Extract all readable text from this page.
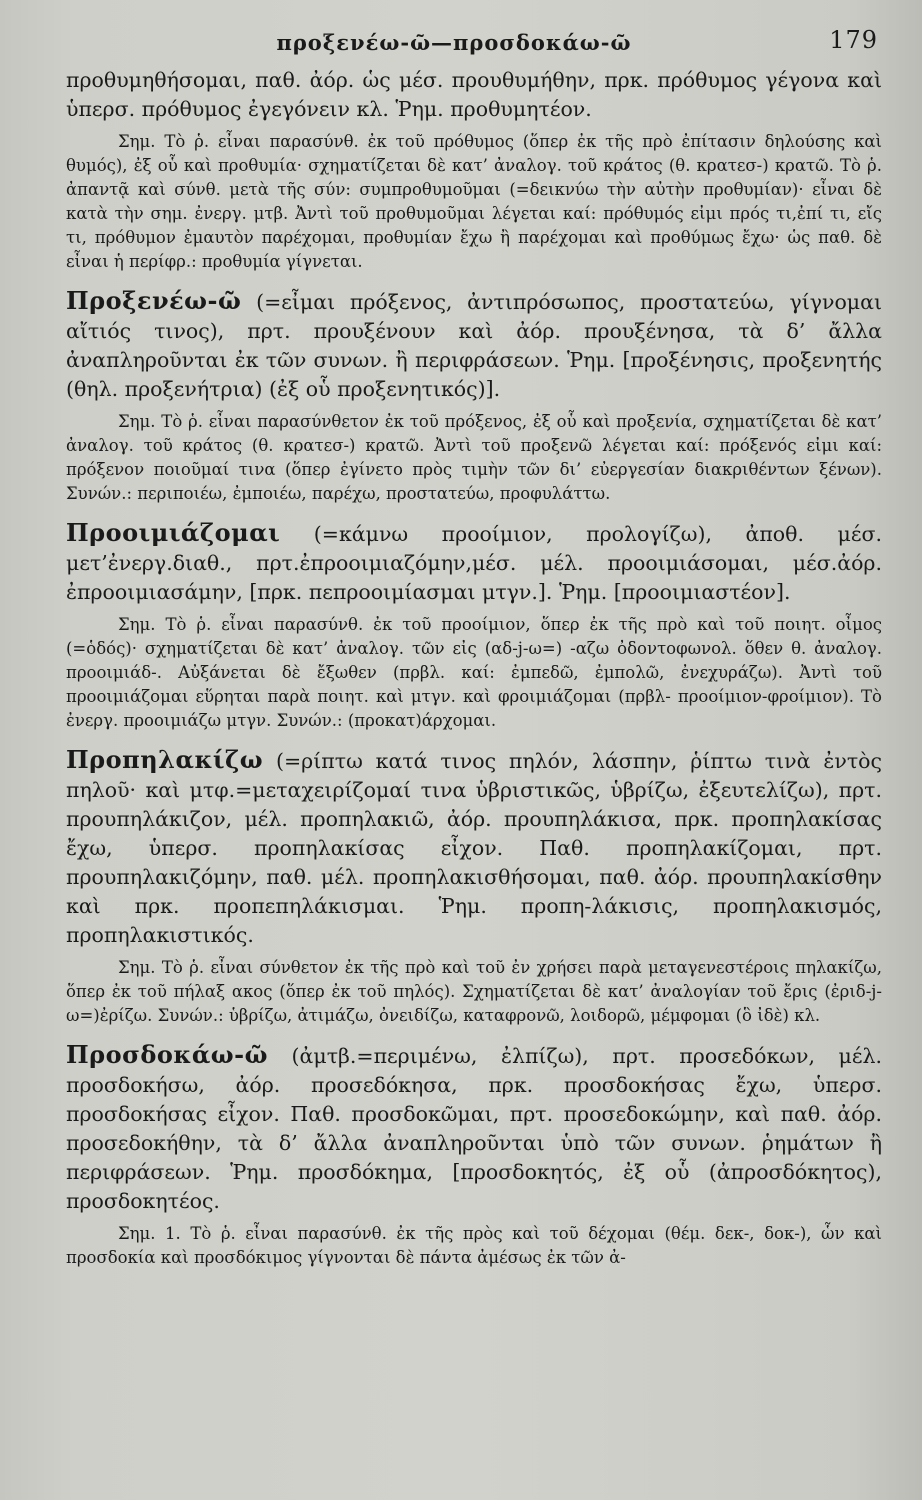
προξενέω-ῶ—προσδοκάω-ῶ	179
προθυμηθήσομαι, παθ. ἀόρ. ὡς μέσ. προυθυμήθην, πρκ. πρόθυμος γέγονα καὶ ὑπερσ. πρόθυμος ἐγεγόνειν κλ. Ῥημ. προθυμητέον.
Σημ. Τὸ ῥ. εἶναι παρασύνθ. ἐκ τοῦ πρόθυμος (ὅπερ ἐκ τῆς πρὸ ἐπίτασιν δηλούσης καὶ θυμός), ἐξ οὗ καὶ προθυμία· σχηματίζεται δὲ κατ’ ἀναλογ. τοῦ κράτος (θ. κρατεσ-) κρατῶ. Τὸ ῥ. ἀπαντᾷ καὶ σύνθ. μετὰ τῆς σύν: συμπροθυμοῦμαι (=δεικνύω τὴν αὐτὴν προθυμίαν)· εἶναι δὲ κατὰ τὴν σημ. ἐνεργ. μτβ. Ἀντὶ τοῦ προθυμοῦμαι λέγεται καί: πρόθυμός εἰμι πρός τι,ἐπί τι, εἴς τι, πρόθυμον ἐμαυτὸν παρέχομαι, προθυμίαν ἔχω ἢ παρέχομαι καὶ προθύμως ἔχω· ὡς παθ. δὲ εἶναι ἡ περίφρ.: προθυμία γίγνεται.
Προξενέω-ῶ (=εἶμαι πρόξενος, ἀντιπρόσωπος, προστατεύω, γίγνομαι αἴτιός τινος), πρτ. προυξένουν καὶ ἀόρ. προυξένησα, τὰ δ’ ἄλλα ἀναπληροῦνται ἐκ τῶν συνων. ἢ περιφράσεων. Ῥημ. [προξένησις, προξενητής (θηλ. προξενήτρια) (ἐξ οὗ προξενητικός)].
Σημ. Τὸ ῥ. εἶναι παρασύνθετον ἐκ τοῦ πρόξενος, ἐξ οὗ καὶ προξενία, σχηματίζεται δὲ κατ’ ἀναλογ. τοῦ κράτος (θ. κρατεσ-) κρατῶ. Ἀντὶ τοῦ προξενῶ λέγεται καί: πρόξενός εἰμι καί: πρόξενον ποιοῦμαί τινα (ὅπερ ἐγίνετο πρὸς τιμὴν τῶν δι’ εὐεργεσίαν διακριθέντων ξένων). Συνών.: περιποιέω, ἐμποιέω, παρέχω, προστατεύω, προφυλάττω.
Προοιμιάζομαι (=κάμνω προοίμιον, προλογίζω), ἀποθ. μέσ. μετ’ἐνεργ.διαθ., πρτ.ἐπροοιμιαζόμην,μέσ. μέλ. προοιμιάσομαι, μέσ.ἀόρ. ἐπροοιμιασάμην, [πρκ. πεπροοιμίασμαι μτγν.]. Ῥημ. [προοιμιαστέον].
Σημ. Τὸ ῥ. εἶναι παρασύνθ. ἐκ τοῦ προοίμιον, ὅπερ ἐκ τῆς πρὸ καὶ τοῦ ποιητ. οἶμος (=ὁδός)· σχηματίζεται δὲ κατ’ ἀναλογ. τῶν εἰς (αδ-j-ω=) -αζω ὀδοντοφωνολ. ὅθεν θ. ἀναλογ. προοιμιάδ-. Αὐξάνεται δὲ ἔξωθεν (πρβλ. καί: ἐμπεδῶ, ἐμπολῶ, ἐνεχυράζω). Ἀντὶ τοῦ προοιμιάζομαι εὕρηται παρὰ ποιητ. καὶ μτγν. καὶ φροιμιάζομαι (πρβλ- προοίμιον-φροίμιον). Τὸ ἐνεργ. προοιμιάζω μτγν. Συνών.: (προκατ)άρχομαι.
Προπηλακίζω (=ρίπτω κατά τινος πηλόν, λάσπην, ῥίπτω τινὰ ἐντὸς πηλοῦ· καὶ μτφ.=μεταχειρίζομαί τινα ὑβριστικῶς, ὑβρίζω, ἐξευτελίζω), πρτ. προυπηλάκιζον, μέλ. προπηλακιῶ, ἀόρ. προυπηλάκισα, πρκ. προπηλακίσας ἔχω, ὑπερσ. προπηλακίσας εἶχον. Παθ. προπηλακίζομαι, πρτ. προυπηλακιζόμην, παθ. μέλ. προπηλακισθήσομαι, παθ. ἀόρ. προυπηλακίσθην καὶ πρκ. προπεπηλάκισμαι. Ῥημ. προπη-λάκισις, προπηλακισμός, προπηλακιστικός.
Σημ. Τὸ ῥ. εἶναι σύνθετον ἐκ τῆς πρὸ καὶ τοῦ ἐν χρήσει παρὰ μεταγενεστέροις πηλακίζω, ὅπερ ἐκ τοῦ πήλαξ ακος (ὅπερ ἐκ τοῦ πηλός). Σχηματίζεται δὲ κατ’ ἀναλογίαν τοῦ ἔρις (ἐριδ-j-ω=)ἐρίζω. Συνών.: ὑβρίζω, ἀτιμάζω, ὀνειδίζω, καταφρονῶ, λοιδορῶ, μέμφομαι (ὃ ἰδὲ) κλ.
Προσδοκάω-ῶ (ἀμτβ.=περιμένω, ἐλπίζω), πρτ. προσεδόκων, μέλ. προσδοκήσω, ἀόρ. προσεδόκησα, πρκ. προσδοκήσας ἔχω, ὑπερσ. προσδοκήσας εἶχον. Παθ. προσδοκῶμαι, πρτ. προσεδοκώμην, καὶ παθ. ἀόρ. προσεδοκήθην, τὰ δ’ ἄλλα ἀναπληροῦνται ὑπὸ τῶν συνων. ῥημάτων ἢ περιφράσεων. Ῥημ. προσδόκημα, [προσδοκητός, ἐξ οὗ (ἀπροσδόκητος), προσδοκητέος.
Σημ. 1. Τὸ ῥ. εἶναι παρασύνθ. ἐκ τῆς πρὸς καὶ τοῦ δέχομαι (θέμ. δεκ-, δοκ-), ὧν καὶ προσδοκία καὶ προσδόκιμος γίγνονται δὲ πάντα ἀμέσως ἐκ τῶν ἀ-
